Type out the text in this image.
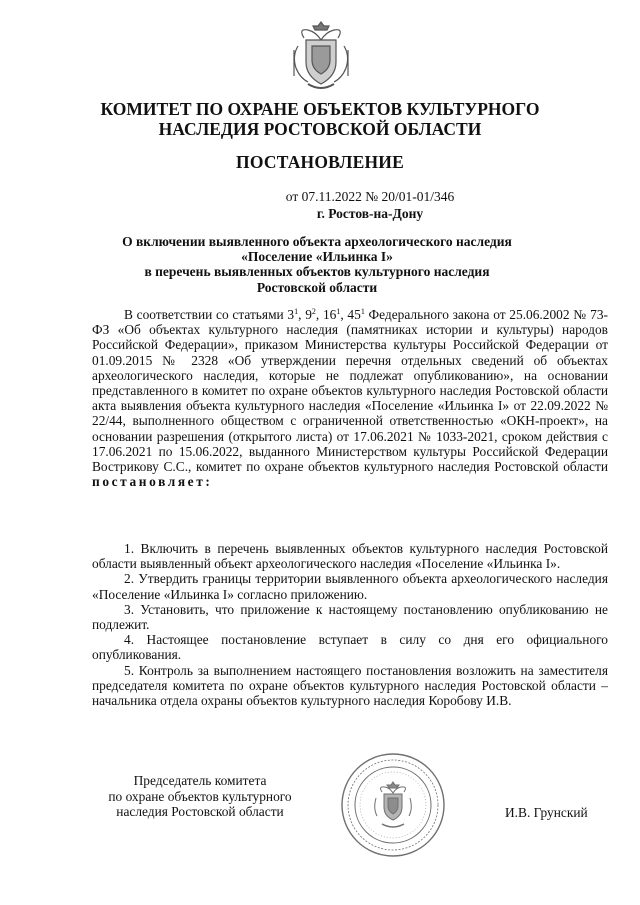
КОМИТЕТ ПО ОХРАНЕ ОБЪЕКТОВ КУЛЬТУРНОГО
НАСЛЕДИЯ РОСТОВСКОЙ ОБЛАСТИ
ПОСТАНОВЛЕНИЕ
от 07.11.2022 № 20/01-01/346
г. Ростов-на-Дону
О включении выявленного объекта археологического наследия
«Поселение «Ильинка I»
в перечень выявленных объектов культурного наследия
Ростовской области
В соответствии со статьями $3^1$, $9^2$, $16^1$, $45^1$ Федерального закона от 25.06.2002 № 73-ФЗ «Об объектах культурного наследия (памятниках истории и культуры) народов Российской Федерации», приказом Министерства культуры Российской Федерации от 01.09.2015 № 2328 «Об утверждении перечня отдельных сведений об объектах археологического наследия, которые не подлежат опубликованию», на основании представленного в комитет по охране объектов культурного наследия Ростовской области акта выявления объекта культурного наследия «Поселение «Ильинка I» от 22.09.2022 № 22/44, выполненного обществом с ограниченной ответственностью «ОКН-проект», на основании разрешения (открытого листа) от 17.06.2021 № 1033-2021, сроком действия с 17.06.2021 по 15.06.2022, выданного Министерством культуры Российской Федерации Вострикову С.С., комитет по охране объектов культурного наследия Ростовской области постановляет:

1. Включить в перечень выявленных объектов культурного наследия Ростовской области выявленный объект археологического наследия «Поселение «Ильинка I».

2. Утвердить границы территории выявленного объекта археологического наследия «Поселение «Ильинка I» согласно приложению.

3. Установить, что приложение к настоящему постановлению опубликованию не подлежит.

4. Настоящее постановление вступает в силу со дня его официального опубликования.

5. Контроль за выполнением настоящего постановления возложить на заместителя председателя комитета по охране объектов культурного наследия Ростовской области – начальника отдела охраны объектов культурного наследия Коробову И.В.

Председатель комитета
по охране объектов культурного
наследия Ростовской области	И.В. Грунский
